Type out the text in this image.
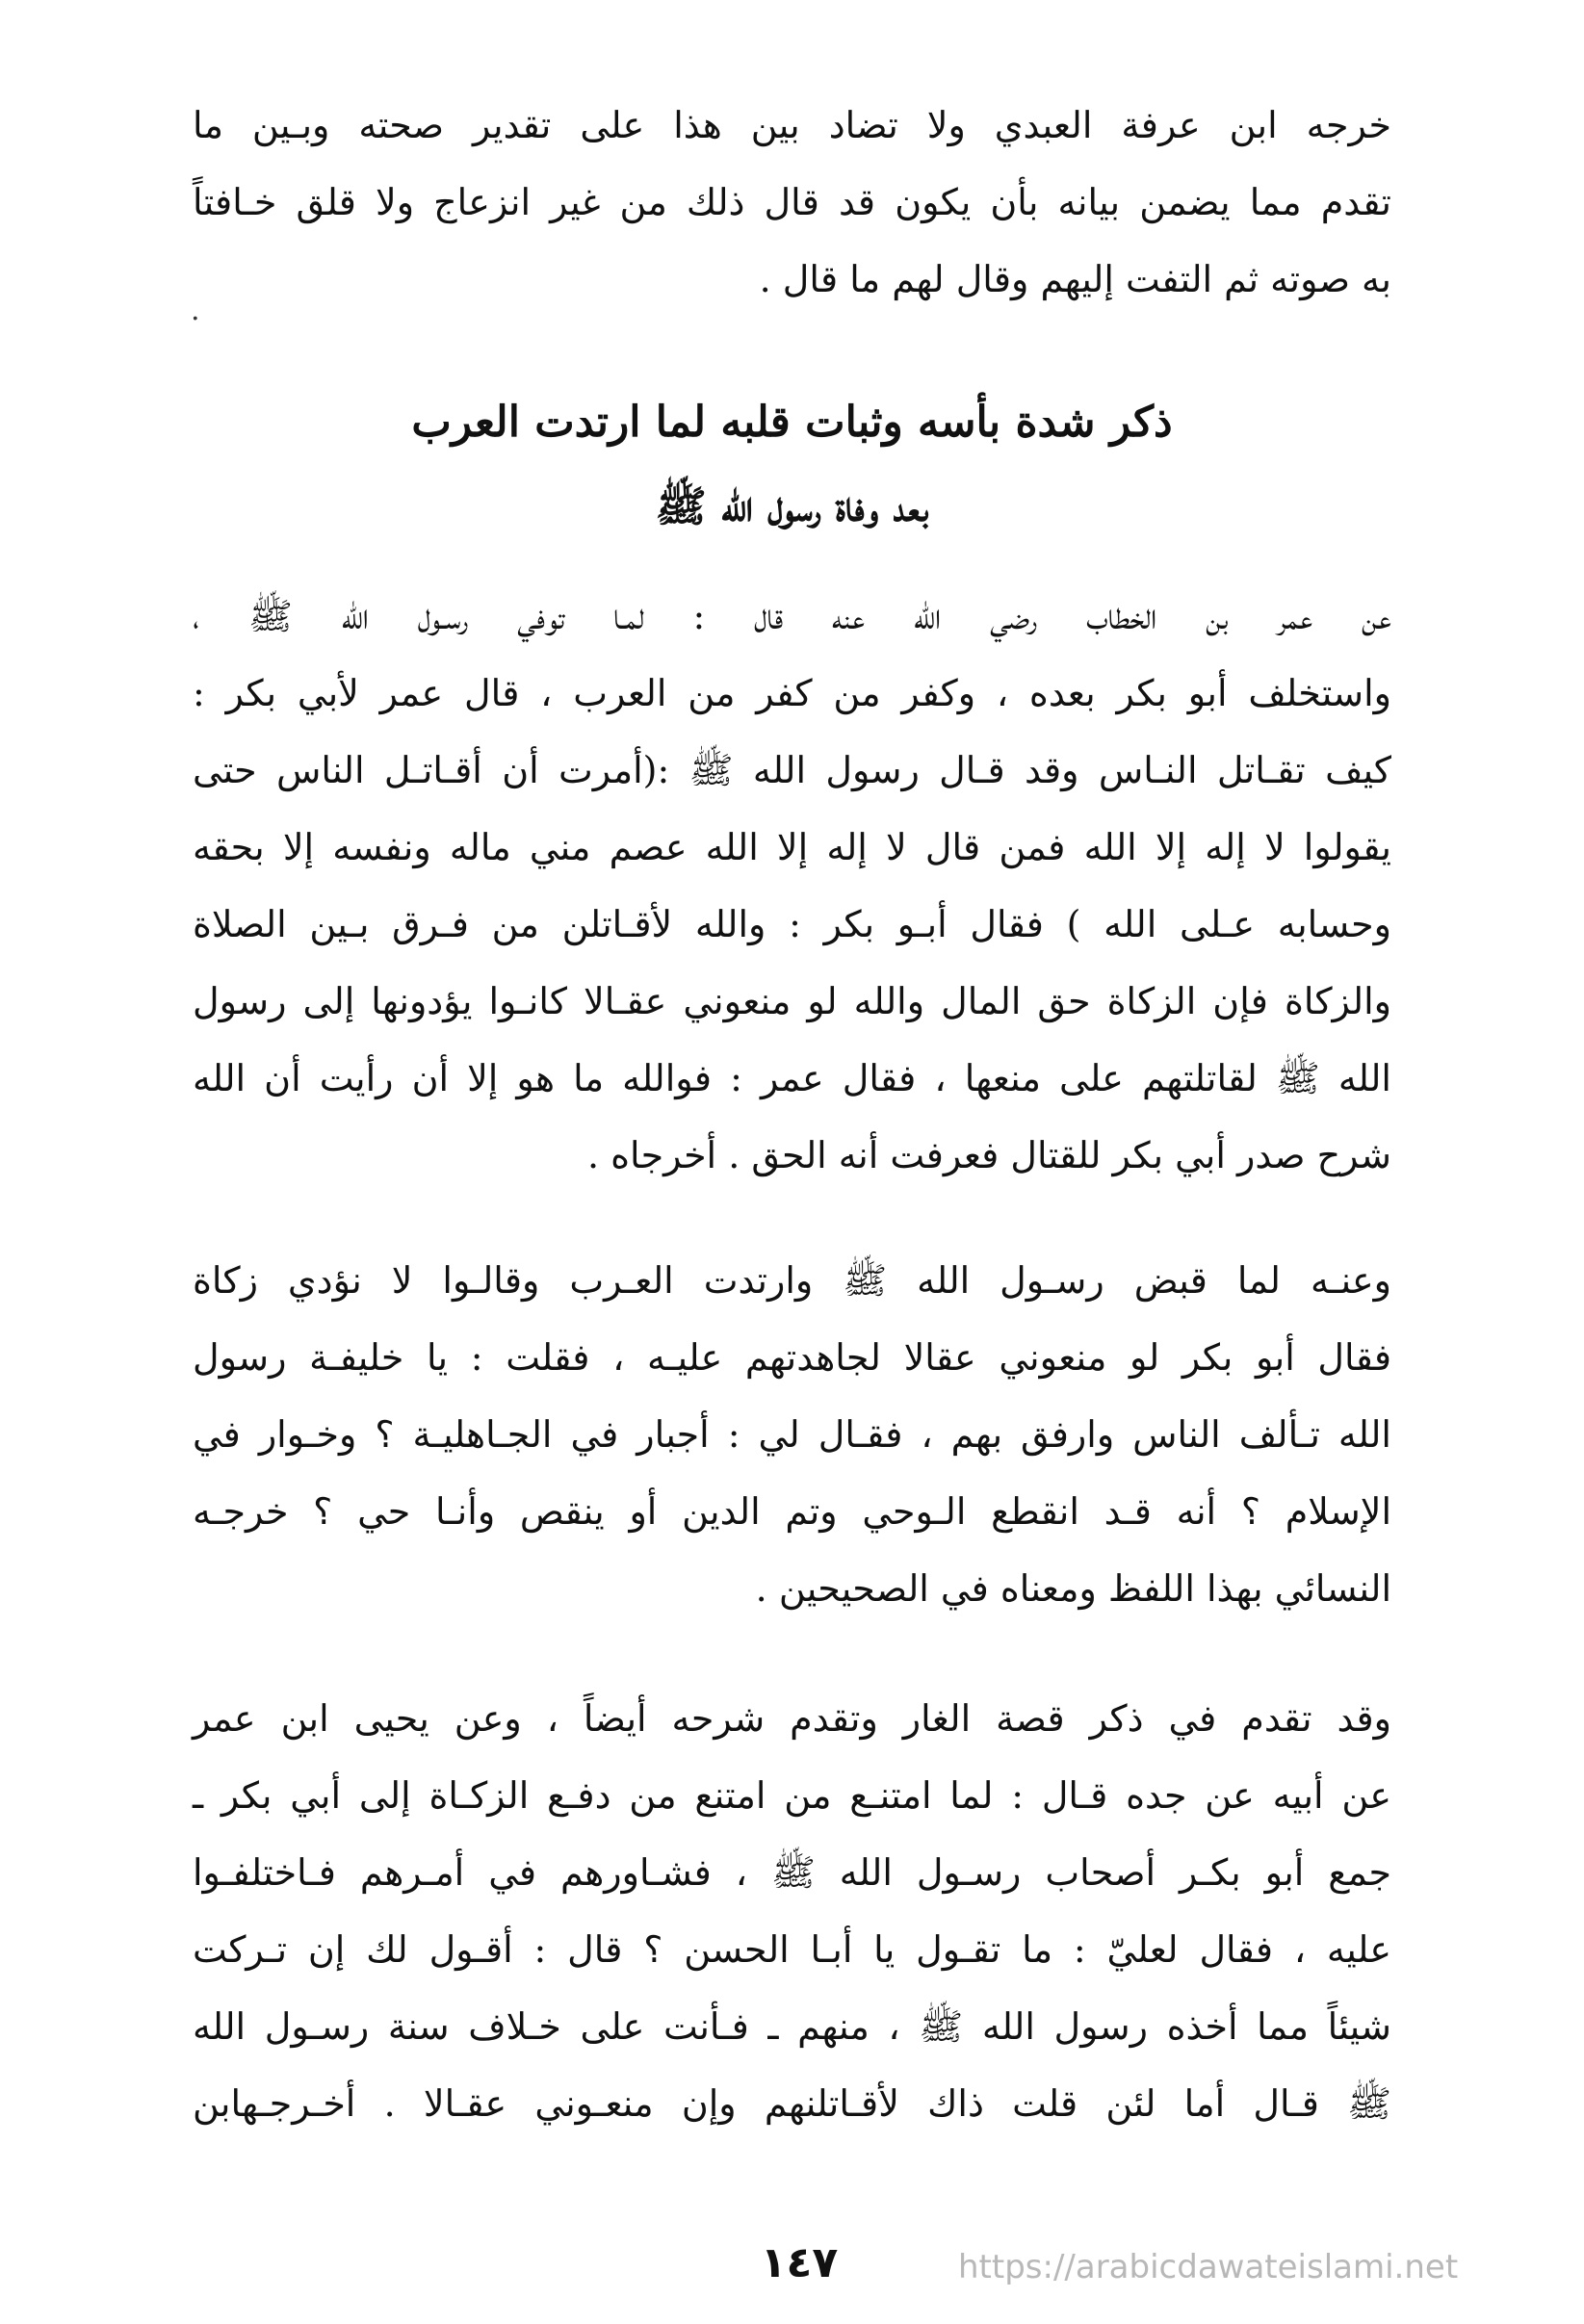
خرجه ابن عرفة العبدي ولا تضاد بين هذا على تقدير صحته وبـين ما
تقدم مما يضمن بيانه بأن يكون قد قال ذلك من غير انزعاج ولا قلق خـافتاً
به صوته ثم التفت إليهم وقال لهم ما قال .
.
ذكر شدة بأسه وثبات قلبه لما ارتدت العرب
بعد وفاة رسول الله ﷺ
عن عمر بن الخطاب رضي الله عنه قال : لمـا توفي رسـول الله ﷺ ،
واستخلف أبو بكر بعده ، وكفر من كفر من العرب ، قال عمر لأبي بكر :
كيف تقـاتل النـاس وقد قـال رسول الله ﷺ :(أمرت أن أقـاتـل الناس حتى
يقولوا لا إله إلا الله فمن قال لا إله إلا الله عصم مني ماله ونفسه إلا بحقه
وحسابه عـلى الله ) فقال أبـو بكر : والله لأقـاتلن من فـرق بـين الصلاة
والزكاة فإن الزكاة حق المال والله لو منعوني عقـالا كانـوا يؤدونها إلى رسول
الله ﷺ لقاتلتهم على منعها ، فقال عمر : فوالله ما هو إلا أن رأيت أن الله
شرح صدر أبي بكر للقتال فعرفت أنه الحق . أخرجاه .
وعنـه لما قبض رسـول الله ﷺ وارتدت العـرب وقالـوا لا نؤدي زكاة
فقال أبو بكر لو منعوني عقالا لجاهدتهم عليـه ، فقلت : يا خليفـة رسول
الله تـألف الناس وارفق بهم ، فقـال لي : أجبار في الجـاهليـة ؟ وخـوار في
الإسلام ؟ أنه قـد انقطع الـوحي وتم الدين أو ينقص وأنـا حي ؟ خرجـه
النسائي بهذا اللفظ ومعناه في الصحيحين .
وقد تقدم في ذكر قصة الغار وتقدم شرحه أيضاً ، وعن يحيى ابن عمر
عن أبيه عن جده قـال : لما امتنـع من امتنع من دفـع الزكـاة إلى أبي بكر ـ
جمع أبو بكـر أصحاب رسـول الله ﷺ ، فشـاورهم في أمـرهم فـاختلفـوا
عليه ، فقال لعليّ : ما تقـول يا أبـا الحسن ؟ قال : أقـول لك إن تـركت
شيئاً مما أخذه رسول الله ﷺ ، منهم ـ فـأنت على خـلاف سنة رسـول الله
ﷺ قـال أما لئن قلت ذاك لأقـاتلنهم وإن منعـوني عقـالا . أخـرجـهابن
١٤٧	https://arabicdawateislami.net
